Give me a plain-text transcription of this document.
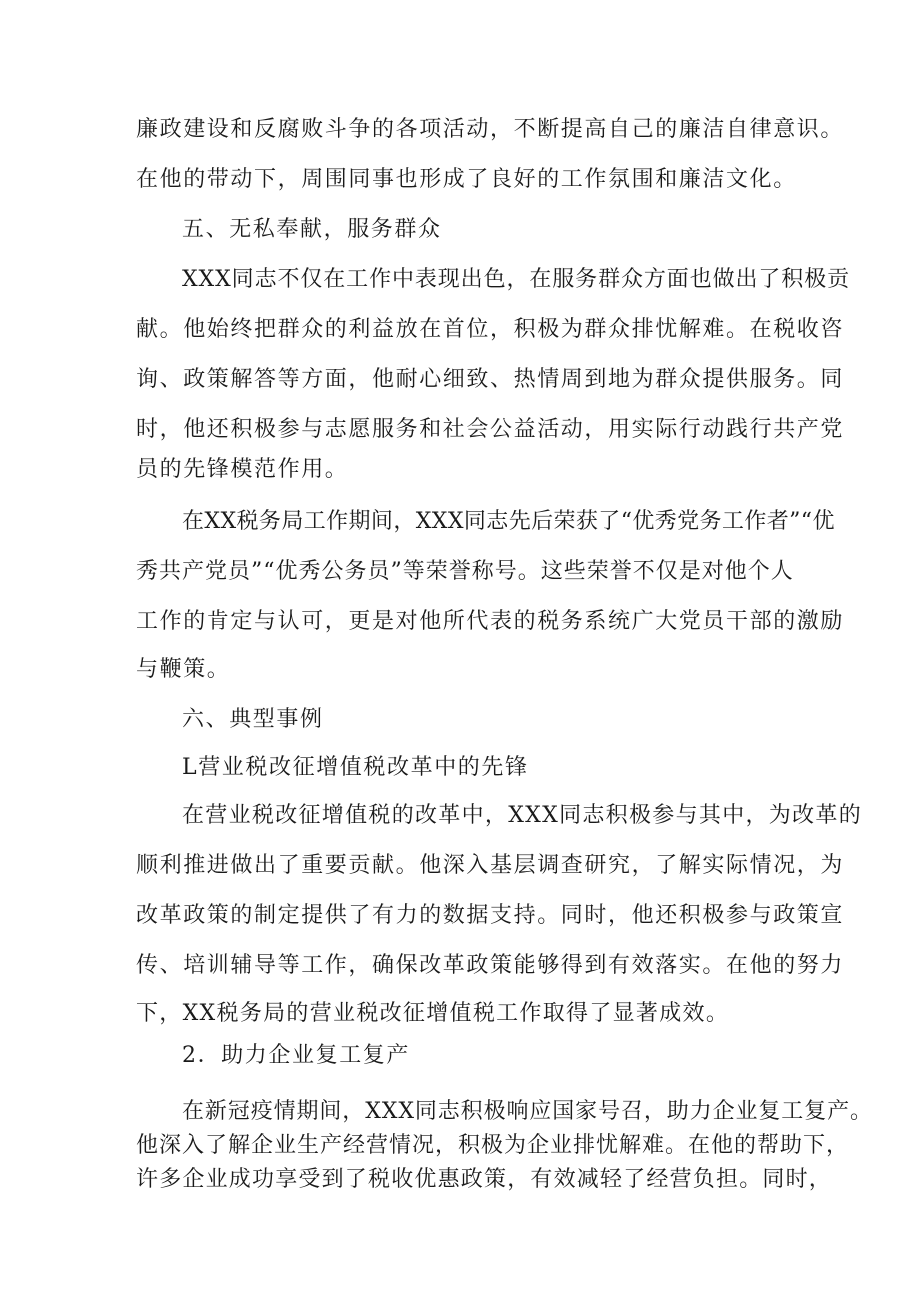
廉政建设和反腐败斗争的各项活动，不断提高自己的廉洁自律意识。

在他的带动下，周围同事也形成了良好的工作氛围和廉洁文化。

五、无私奉献，服务群众

XXX同志不仅在工作中表现出色，在服务群众方面也做出了积极贡

献。他始终把群众的利益放在首位，积极为群众排忧解难。在税收咨

询、政策解答等方面，他耐心细致、热情周到地为群众提供服务。同

时，他还积极参与志愿服务和社会公益活动，用实际行动践行共产党

员的先锋模范作用。

在XX税务局工作期间，XXX同志先后荣获了“优秀党务工作者”“优

秀共产党员”“优秀公务员”等荣誉称号。这些荣誉不仅是对他个人

工作的肯定与认可，更是对他所代表的税务系统广大党员干部的激励

与鞭策。

六、典型事例

L营业税改征增值税改革中的先锋

在营业税改征增值税的改革中，XXX同志积极参与其中，为改革的

顺利推进做出了重要贡献。他深入基层调查研究，了解实际情况，为

改革政策的制定提供了有力的数据支持。同时，他还积极参与政策宣

传、培训辅导等工作，确保改革政策能够得到有效落实。在他的努力

下，XX税务局的营业税改征增值税工作取得了显著成效。

2．助力企业复工复产

在新冠疫情期间，XXX同志积极响应国家号召，助力企业复工复产。

他深入了解企业生产经营情况，积极为企业排忧解难。在他的帮助下，

许多企业成功享受到了税收优惠政策，有效减轻了经营负担。同时，
